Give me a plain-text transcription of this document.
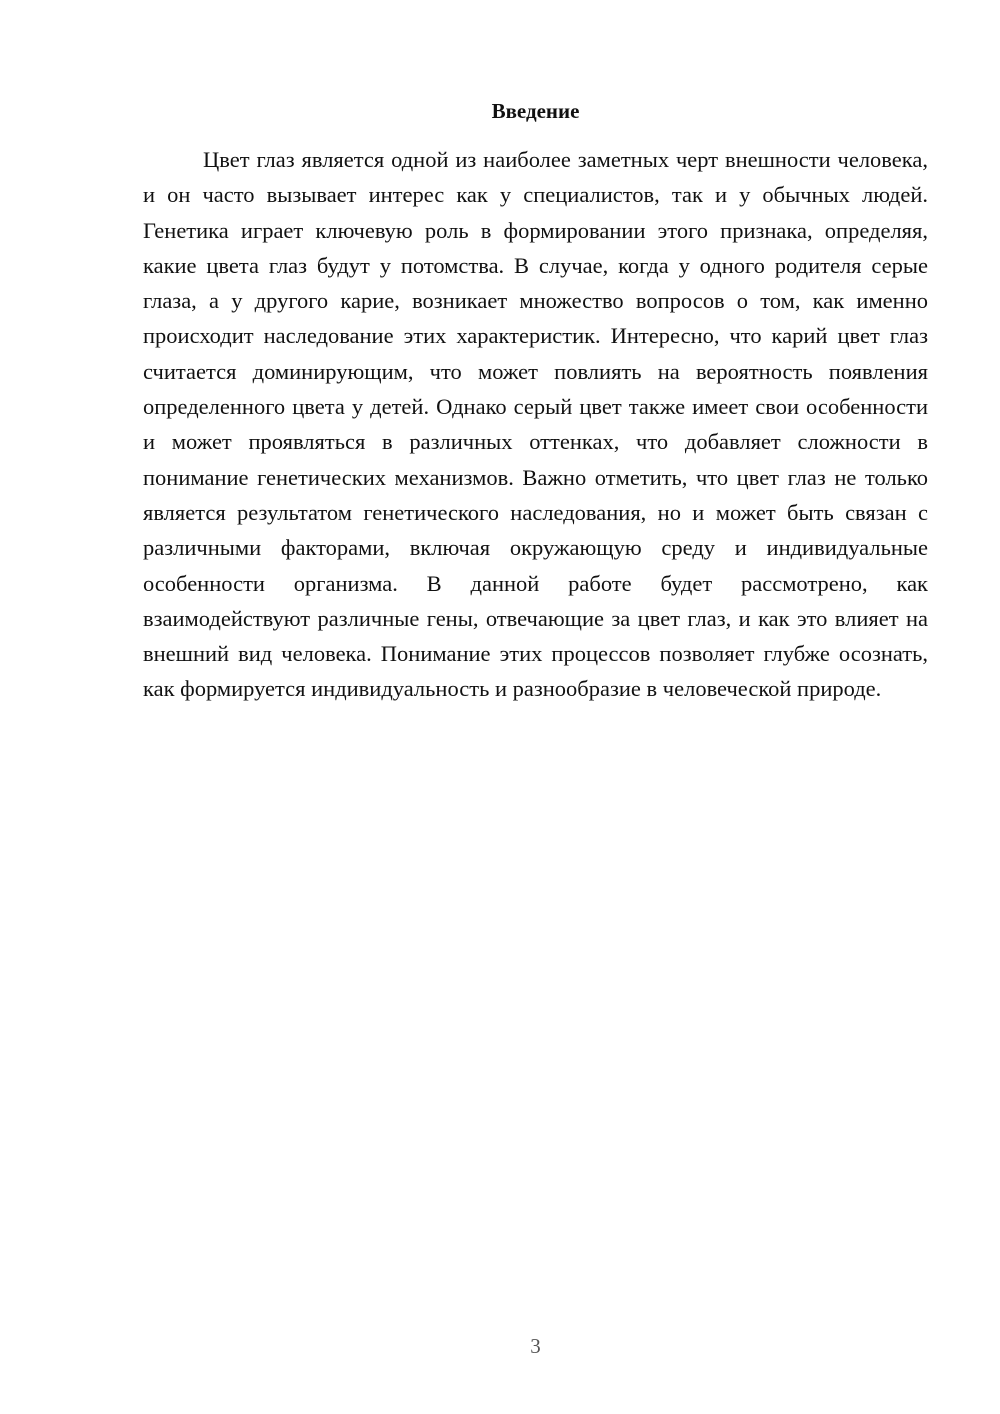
Введение

Цвет глаз является одной из наиболее заметных черт внешности человека, и он часто вызывает интерес как у специалистов, так и у обычных людей. Генетика играет ключевую роль в формировании этого признака, определяя, какие цвета глаз будут у потомства. В случае, когда у одного родителя серые глаза, а у другого карие, возникает множество вопросов о том, как именно происходит наследование этих характеристик. Интересно, что карий цвет глаз считается доминирующим, что может повлиять на вероятность появления определенного цвета у детей. Однако серый цвет также имеет свои особенности и может проявляться в различных оттенках, что добавляет сложности в понимание генетических механизмов. Важно отметить, что цвет глаз не только является результатом генетического наследования, но и может быть связан с различными факторами, включая окружающую среду и индивидуальные особенности организма. В данной работе будет рассмотрено, как взаимодействуют различные гены, отвечающие за цвет глаз, и как это влияет на внешний вид человека. Понимание этих процессов позволяет глубже осознать, как формируется индивидуальность и разнообразие в человеческой природе.

3
